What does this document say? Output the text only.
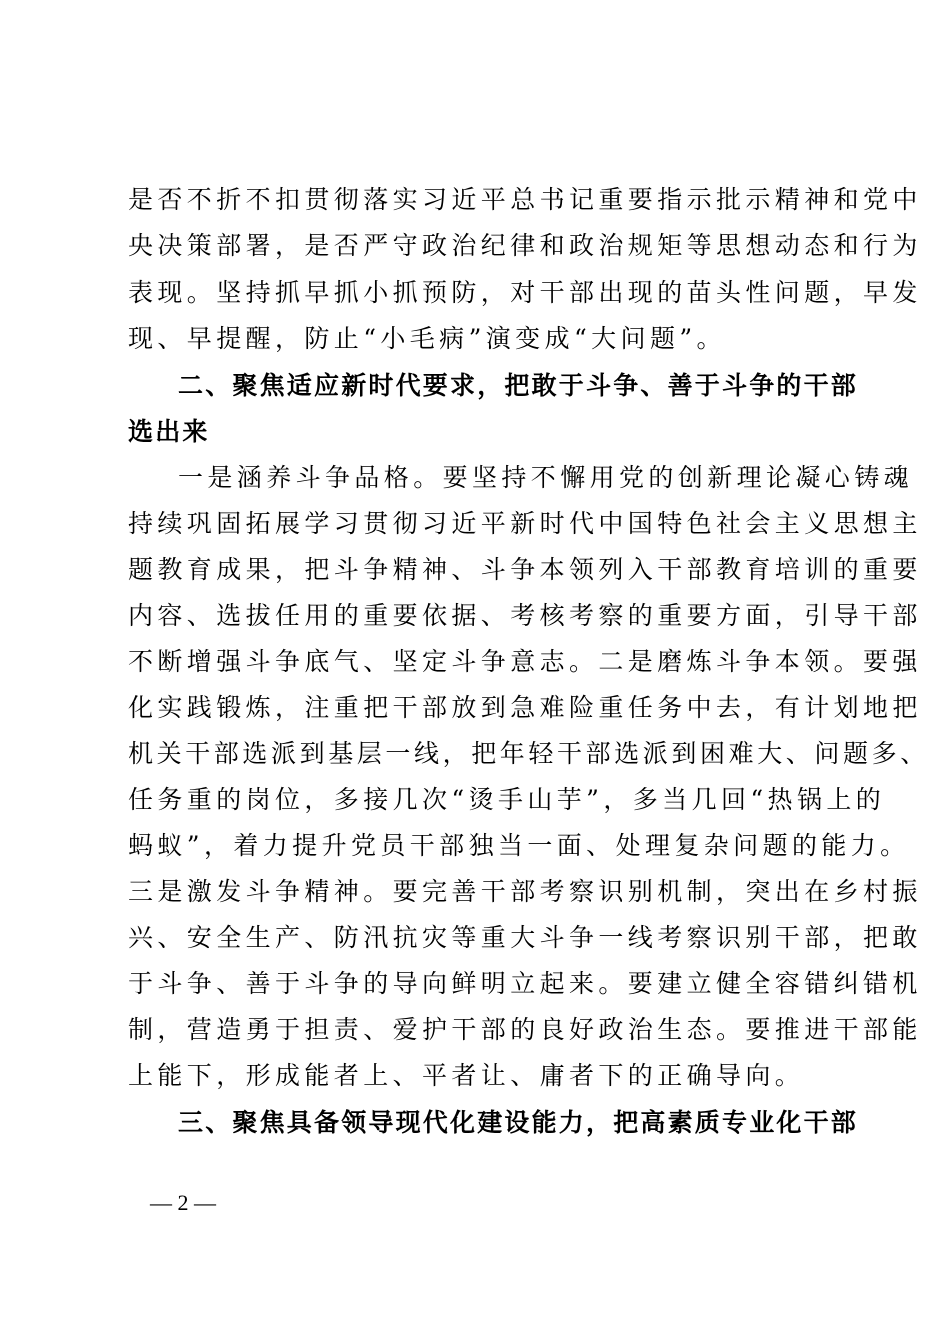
是否不折不扣贯彻落实习近平总书记重要指示批示精神和党中
央决策部署，是否严守政治纪律和政治规矩等思想动态和行为
表现。坚持抓早抓小抓预防，对干部出现的苗头性问题，早发
现、早提醒，防止“小毛病”演变成“大问题”。
二、聚焦适应新时代要求，把敢于斗争、善于斗争的干部
选出来
一是涵养斗争品格。要坚持不懈用党的创新理论凝心铸魂
持续巩固拓展学习贯彻习近平新时代中国特色社会主义思想主
题教育成果，把斗争精神、斗争本领列入干部教育培训的重要
内容、选拔任用的重要依据、考核考察的重要方面，引导干部
不断增强斗争底气、坚定斗争意志。二是磨炼斗争本领。要强
化实践锻炼，注重把干部放到急难险重任务中去，有计划地把
机关干部选派到基层一线，把年轻干部选派到困难大、问题多、
任务重的岗位，多接几次“烫手山芋”，多当几回“热锅上的
蚂蚁”，着力提升党员干部独当一面、处理复杂问题的能力。
三是激发斗争精神。要完善干部考察识别机制，突出在乡村振
兴、安全生产、防汛抗灾等重大斗争一线考察识别干部，把敢
于斗争、善于斗争的导向鲜明立起来。要建立健全容错纠错机
制，营造勇于担责、爱护干部的良好政治生态。要推进干部能
上能下，形成能者上、平者让、庸者下的正确导向。
三、聚焦具备领导现代化建设能力，把高素质专业化干部
— 2 —
